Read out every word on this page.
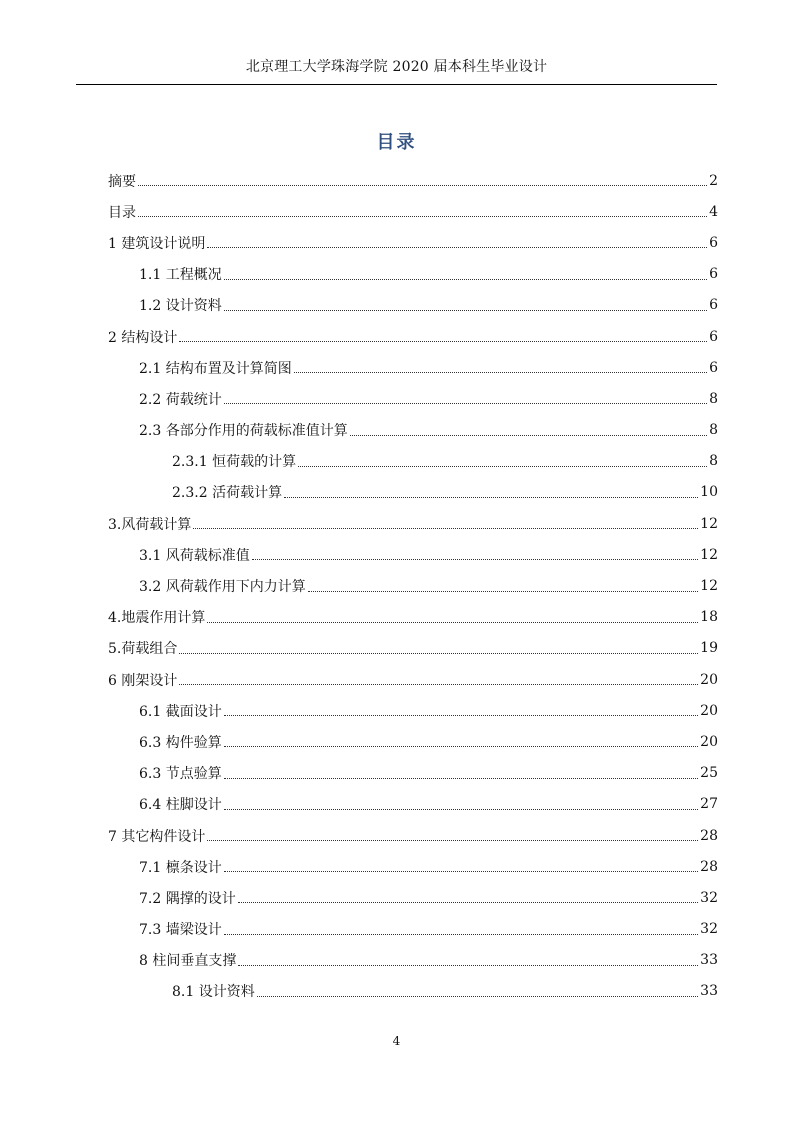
北京理工大学珠海学院 2020 届本科生毕业设计
目录
摘要	2
目录	4
1 建筑设计说明	6
1.1 工程概况	6
1.2 设计资料	6
2 结构设计	6
2.1 结构布置及计算简图	6
2.2 荷载统计	8
2.3 各部分作用的荷载标准值计算	8
2.3.1 恒荷载的计算	8
2.3.2 活荷载计算	10
3.风荷载计算	12
3.1 风荷载标准值	12
3.2 风荷载作用下内力计算	12
4.地震作用计算	18
5.荷载组合	19
6 刚架设计	20
6.1 截面设计	20
6.3 构件验算	20
6.3 节点验算	25
6.4 柱脚设计	27
7 其它构件设计	28
7.1 檩条设计	28
7.2 隅撑的设计	32
7.3 墙梁设计	32
8 柱间垂直支撑	33
8.1 设计资料	33
4
